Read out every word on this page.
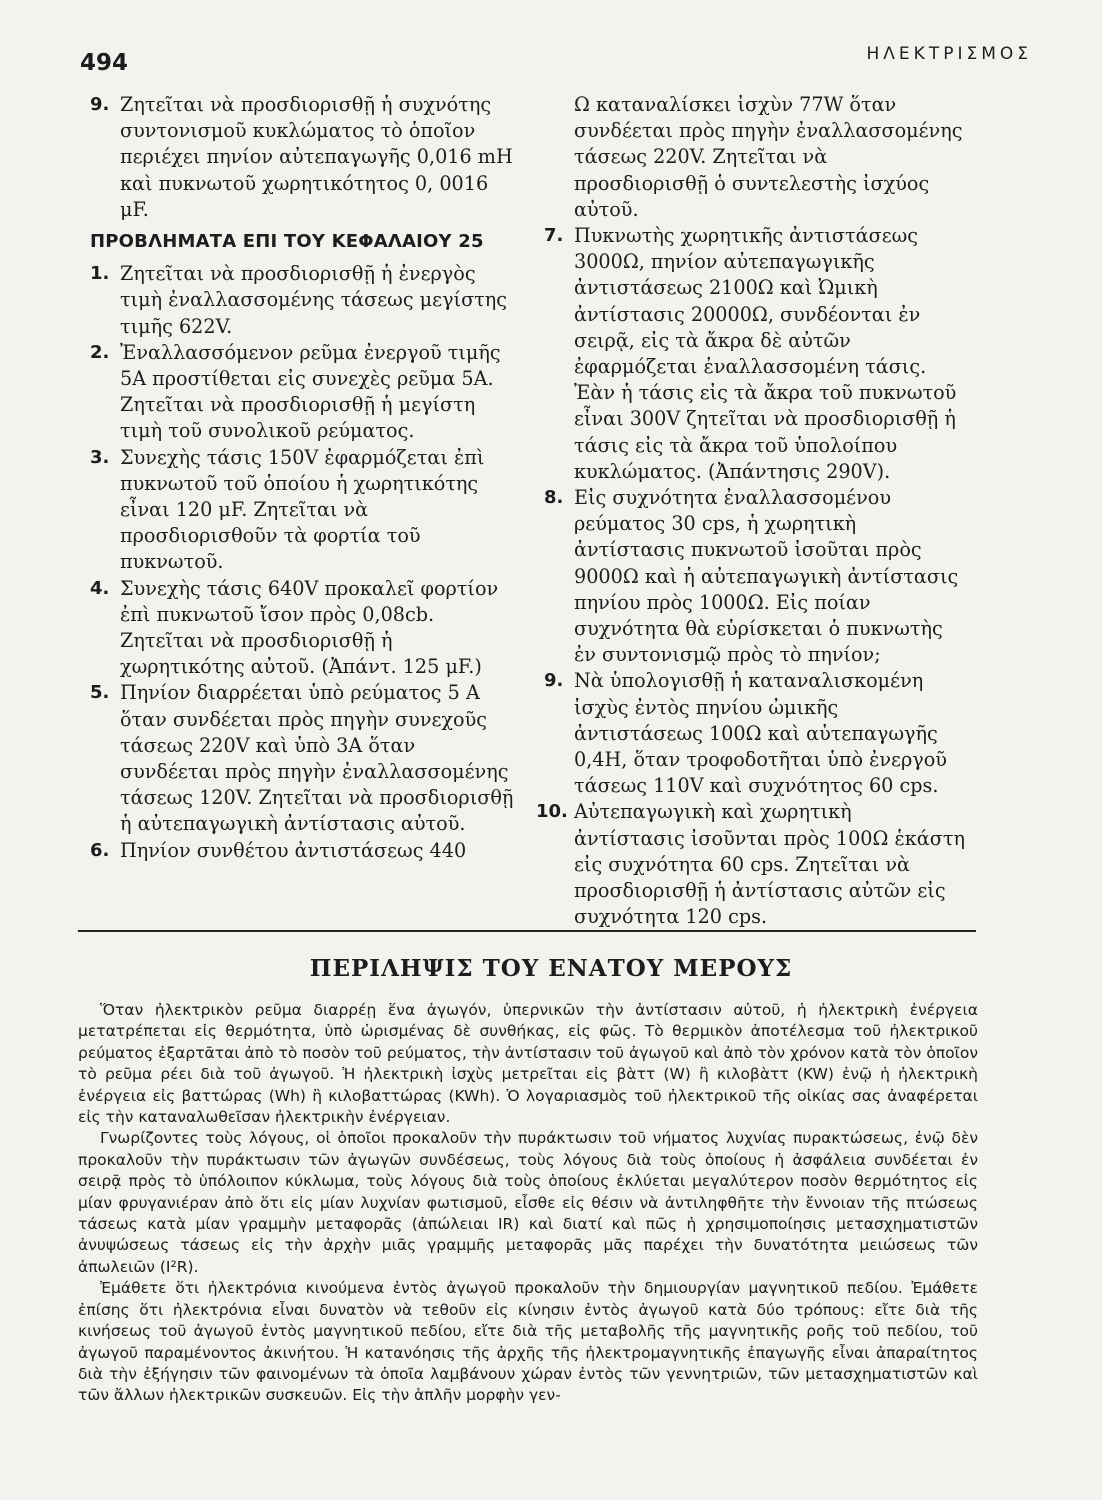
494	ΗΛΕΚΤΡΙΣΜΟΣ
9. Ζητεῖται νὰ προσδιορισθῇ ἡ συχνότης συντονισμοῦ κυκλώματος τὸ ὁποῖον περιέχει πηνίον αὐτεπαγωγῆς 0,016 mH καὶ πυκνωτοῦ χωρητικότητος 0, 0016 μF.
ΠΡΟΒΛΗΜΑΤΑ ΕΠΙ ΤΟΥ ΚΕΦΑΛΑΙΟΥ 25
1. Ζητεῖται νὰ προσδιορισθῇ ἡ ἐνεργὸς τιμὴ ἐναλλασσομένης τάσεως μεγίστης τιμῆς 622V.
2. Ἐναλλασσόμενον ρεῦμα ἐνεργοῦ τιμῆς 5Α προστίθεται εἰς συνεχὲς ρεῦμα 5Α. Ζητεῖται νὰ προσδιορισθῇ ἡ μεγίστη τιμὴ τοῦ συνολικοῦ ρεύματος.
3. Συνεχὴς τάσις 150V ἐφαρμόζεται ἐπὶ πυκνωτοῦ τοῦ ὁποίου ἡ χωρητικότης εἶναι 120 μF. Ζητεῖται νὰ προσδιορισθοῦν τὰ φορτία τοῦ πυκνωτοῦ.
4. Συνεχὴς τάσις 640V προκαλεῖ φορτίον ἐπὶ πυκνωτοῦ ἴσον πρὸς 0,08cb. Ζητεῖται νὰ προσδιορισθῇ ἡ χωρητικότης αὐτοῦ. (Ἀπάντ. 125 μF.)
5. Πηνίον διαρρέεται ὑπὸ ρεύματος 5 Α ὅταν συνδέεται πρὸς πηγὴν συνεχοῦς τάσεως 220V καὶ ὑπὸ 3Α ὅταν συνδέεται πρὸς πηγὴν ἐναλλασσομένης τάσεως 120V. Ζητεῖται νὰ προσδιορισθῇ ἡ αὐτεπαγωγικὴ ἀντίστασις αὐτοῦ.
6. Πηνίον συνθέτου ἀντιστάσεως 440
Ω καταναλίσκει ἰσχὺν 77W ὅταν συνδέεται πρὸς πηγὴν ἐναλλασσομένης τάσεως 220V. Ζητεῖται νὰ προσδιορισθῇ ὁ συντελεστὴς ἰσχύος αὐτοῦ.
7. Πυκνωτὴς χωρητικῆς ἀντιστάσεως 3000Ω, πηνίον αὐτεπαγωγικῆς ἀντιστάσεως 2100Ω καὶ Ὠμικὴ ἀντίστασις 20000Ω, συνδέονται ἐν σειρᾷ, εἰς τὰ ἄκρα δὲ αὐτῶν ἐφαρμόζεται ἐναλλασσομένη τάσις. Ἐὰν ἡ τάσις εἰς τὰ ἄκρα τοῦ πυκνωτοῦ εἶναι 300V ζητεῖται νὰ προσδιορισθῇ ἡ τάσις εἰς τὰ ἄκρα τοῦ ὑπολοίπου κυκλώματος. (Ἀπάντησις 290V).
8. Εἰς συχνότητα ἐναλλασσομένου ρεύματος 30 cps, ἡ χωρητικὴ ἀντίστασις πυκνωτοῦ ἰσοῦται πρὸς 9000Ω καὶ ἡ αὐτεπαγωγικὴ ἀντίστασις πηνίου πρὸς 1000Ω. Εἰς ποίαν συχνότητα θὰ εὑρίσκεται ὁ πυκνωτὴς ἐν συντονισμῷ πρὸς τὸ πηνίον;
9. Νὰ ὑπολογισθῇ ἡ καταναλισκομένη ἰσχὺς ἐντὸς πηνίου ὠμικῆς ἀντιστάσεως 100Ω καὶ αὐτεπαγωγῆς 0,4Η, ὅταν τροφοδοτῆται ὑπὸ ἐνεργοῦ τάσεως 110V καὶ συχνότητος 60 cps.
10. Αὐτεπαγωγικὴ καὶ χωρητικὴ ἀντίστασις ἰσοῦνται πρὸς 100Ω ἑκάστη εἰς συχνότητα 60 cps. Ζητεῖται νὰ προσδιορισθῇ ἡ ἀντίστασις αὐτῶν εἰς συχνότητα 120 cps.
ΠΕΡΙΛΗΨΙΣ ΤΟΥ ΕΝΑΤΟΥ ΜΕΡΟΥΣ

Ὅταν ἠλεκτρικὸν ρεῦμα διαρρέῃ ἕνα ἀγωγόν, ὑπερνικῶν τὴν ἀντίστασιν αὐτοῦ, ἡ ἠλεκτρικὴ ἐνέργεια μετατρέπεται εἰς θερμότητα, ὑπὸ ὡρισμένας δὲ συνθήκας, εἰς φῶς. Τὸ θερμικὸν ἀποτέλεσμα τοῦ ἠλεκτρικοῦ ρεύματος ἐξαρτᾶται ἀπὸ τὸ ποσὸν τοῦ ρεύματος, τὴν ἀντίστασιν τοῦ ἀγωγοῦ καὶ ἀπὸ τὸν χρόνον κατὰ τὸν ὁποῖον τὸ ρεῦμα ρέει διὰ τοῦ ἀγωγοῦ. Ἡ ἠλεκτρικὴ ἰσχὺς μετρεῖται εἰς βὰττ (W) ἢ κιλοβὰττ (KW) ἐνῷ ἡ ἠλεκτρικὴ ἐνέργεια εἰς βαττώρας (Wh) ἢ κιλοβαττώρας (KWh). Ὁ λογαριασμὸς τοῦ ἠλεκτρικοῦ τῆς οἰκίας σας ἀναφέρεται εἰς τὴν καταναλωθεῖσαν ἠλεκτρικὴν ἐνέργειαν.

Γνωρίζοντες τοὺς λόγους, οἱ ὁποῖοι προκαλοῦν τὴν πυράκτωσιν τοῦ νήματος λυχνίας πυρακτώσεως, ἐνῷ δὲν προκαλοῦν τὴν πυράκτωσιν τῶν ἀγωγῶν συνδέσεως, τοὺς λόγους διὰ τοὺς ὁποίους ἡ ἀσφάλεια συνδέεται ἐν σειρᾷ πρὸς τὸ ὑπόλοιπον κύκλωμα, τοὺς λόγους διὰ τοὺς ὁποίους ἐκλύεται μεγαλύτερον ποσὸν θερμότητος εἰς μίαν φρυγανιέραν ἀπὸ ὅτι εἰς μίαν λυχνίαν φωτισμοῦ, εἶσθε εἰς θέσιν νὰ ἀντιληφθῆτε τὴν ἔννοιαν τῆς πτώσεως τάσεως κατὰ μίαν γραμμὴν μεταφορᾶς (ἀπώλειαι IR) καὶ διατί καὶ πῶς ἡ χρησιμοποίησις μετασχηματιστῶν ἀνυψώσεως τάσεως εἰς τὴν ἀρχὴν μιᾶς γραμμῆς μεταφορᾶς μᾶς παρέχει τὴν δυνατότητα μειώσεως τῶν ἀπωλειῶν (I²R).

Ἐμάθετε ὅτι ἠλεκτρόνια κινούμενα ἐντὸς ἀγωγοῦ προκαλοῦν τὴν δημιουργίαν μαγνητικοῦ πεδίου. Ἐμάθετε ἐπίσης ὅτι ἠλεκτρόνια εἶναι δυνατὸν νὰ τεθοῦν εἰς κίνησιν ἐντὸς ἀγωγοῦ κατὰ δύο τρόπους: εἴτε διὰ τῆς κινήσεως τοῦ ἀγωγοῦ ἐντὸς μαγνητικοῦ πεδίου, εἴτε διὰ τῆς μεταβολῆς τῆς μαγνητικῆς ροῆς τοῦ πεδίου, τοῦ ἀγωγοῦ παραμένοντος ἀκινήτου. Ἡ κατανόησις τῆς ἀρχῆς τῆς ἠλεκτρομαγνητικῆς ἐπαγωγῆς εἶναι ἀπαραίτητος διὰ τὴν ἐξήγησιν τῶν φαινομένων τὰ ὁποῖα λαμβάνουν χώραν ἐντὸς τῶν γεννητριῶν, τῶν μετασχηματιστῶν καὶ τῶν ἄλλων ἠλεκτρικῶν συσκευῶν. Εἰς τὴν ἁπλῆν μορφὴν γεν-
